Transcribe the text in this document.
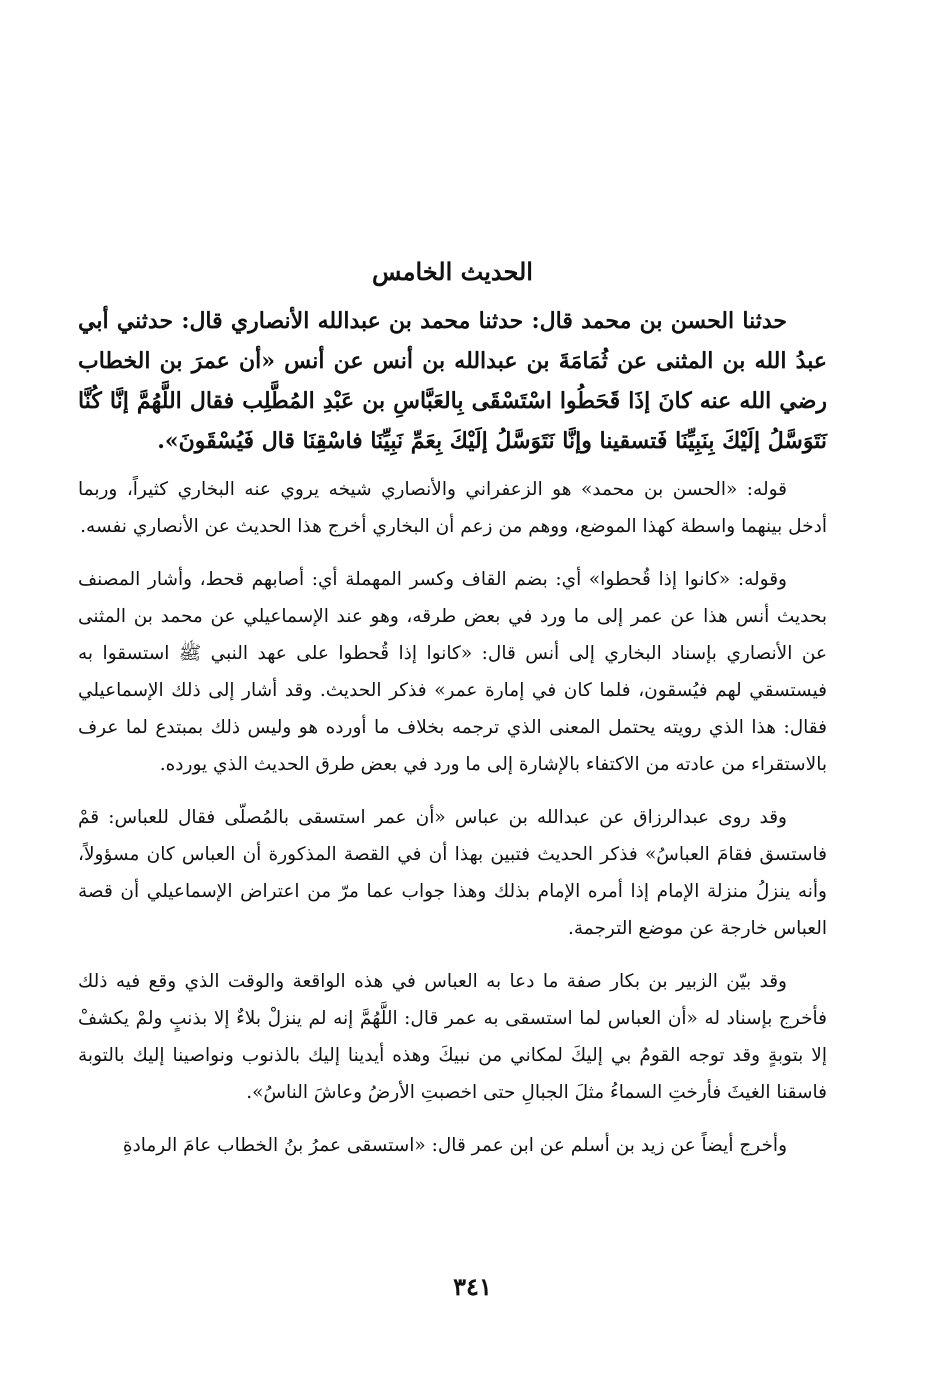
الحديث الخامس

حدثنا الحسن بن محمد قال: حدثنا محمد بن عبدالله الأنصاري قال: حدثني أبي عبدُ الله بن المثنى عن ثُمَامَةَ بن عبدالله بن أنس عن أنس «أن عمرَ بن الخطاب رضي الله عنه كانَ إذَا قَحَطُوا اسْتَسْقَى بِالعَبَّاسِ بن عَبْدِ المُطَّلِب فقال اللَّهُمَّ إنَّا كُنَّا نَتَوَسَّلُ إلَيْكَ بِنَبِيِّنَا فَتسقينا وإنَّا نَتَوَسَّلُ إلَيْكَ بِعَمِّ نَبِيِّنَا فاسْقِنَا قال فَيُسْقَونَ».

قوله: «الحسن بن محمد» هو الزعفراني والأنصاري شيخه يروي عنه البخاري كثيراً، وربما أدخل بينهما واسطة كهذا الموضع، ووهم من زعم أن البخاري أخرج هذا الحديث عن الأنصاري نفسه.

وقوله: «كانوا إذا قُحطوا» أي: بضم القاف وكسر المهملة أي: أصابهم قحط، وأشار المصنف بحديث أنس هذا عن عمر إلى ما ورد في بعض طرقه، وهو عند الإسماعيلي عن محمد بن المثنى عن الأنصاري بإسناد البخاري إلى أنس قال: «كانوا إذا قُحطوا على عهد النبي ﷺ استسقوا به فيستسقي لهم فيُسقون، فلما كان في إمارة عمر» فذكر الحديث. وقد أشار إلى ذلك الإسماعيلي فقال: هذا الذي رويته يحتمل المعنى الذي ترجمه بخلاف ما أورده هو وليس ذلك بمبتدع لما عرف بالاستقراء من عادته من الاكتفاء بالإشارة إلى ما ورد في بعض طرق الحديث الذي يورده.

وقد روى عبدالرزاق عن عبدالله بن عباس «أن عمر استسقى بالمُصلّى فقال للعباس: قمْ فاستسق فقامَ العباسُ» فذكر الحديث فتبين بهذا أن في القصة المذكورة أن العباس كان مسؤولاً، وأنه ينزلُ منزلة الإمام إذا أمره الإمام بذلك وهذا جواب عما مرّ من اعتراض الإسماعيلي أن قصة العباس خارجة عن موضع الترجمة.

وقد بيّن الزبير بن بكار صفة ما دعا به العباس في هذه الواقعة والوقت الذي وقع فيه ذلك فأخرج بإسناد له «أن العباس لما استسقى به عمر قال: اللَّهُمَّ إنه لم ينزلْ بلاءٌ إلا بذنبٍ ولمْ يكشفْ إلا بتوبةٍ وقد توجه القومُ بي إليكَ لمكاني من نبيكَ وهذه أيدينا إليك بالذنوب ونواصينا إليك بالتوبة فاسقنا الغيثَ فأرختِ السماءُ مثلَ الجبالِ حتى اخصبتِ الأرضُ وعاشَ الناسُ».

وأخرج أيضاً عن زيد بن أسلم عن ابن عمر قال: «استسقى عمرُ بنُ الخطاب عامَ الرمادةِ

٣٤١
